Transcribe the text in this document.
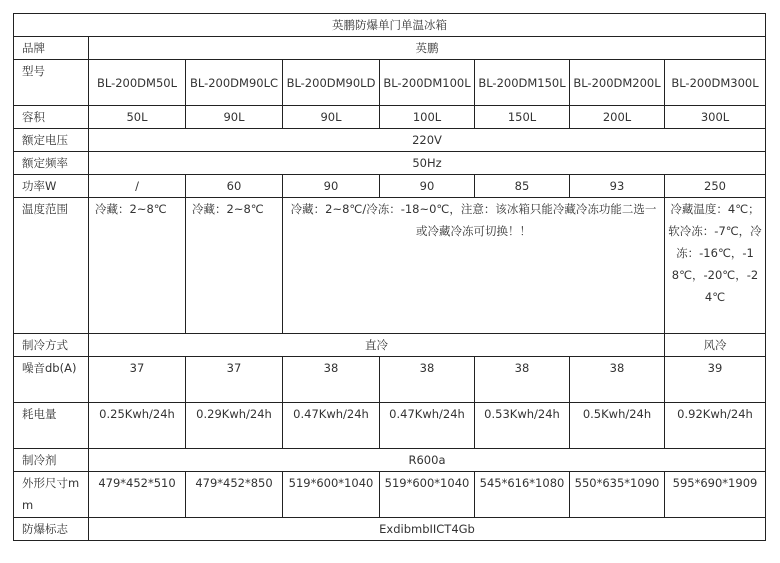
英鹏防爆单门单温冰箱							
品牌	英鹏						
型号	BL-200DM50L	BL-200DM90LC	BL-200DM90LD	BL-200DM100L	BL-200DM150L	BL-200DM200L	BL-200DM300L
容积	50L	90L	90L	100L	150L	200L	300L
额定电压	220V						
额定频率	50Hz						
功率W	/	60	90	90	85	93	250
温度范围	冷藏：2~8℃	冷藏：2~8℃	冷藏：2~8℃/冷冻：-18~0℃，注意：该冰箱只能冷藏冷冻功能二选一或冷藏冷冻可切换！！				冷藏温度：4℃；软冷冻：-7℃，冷冻：-16℃，-18℃，-20℃，-24℃
制冷方式	直冷						风冷
噪音db(A)	37	37	38	38	38	38	39
耗电量	0.25Kwh/24h	0.29Kwh/24h	0.47Kwh/24h	0.47Kwh/24h	0.53Kwh/24h	0.5Kwh/24h	0.92Kwh/24h
制冷剂	R600a						
外形尺寸mm	479*452*510	479*452*850	519*600*1040	519*600*1040	545*616*1080	550*635*1090	595*690*1909
防爆标志	ExdibmbIICT4Gb						
